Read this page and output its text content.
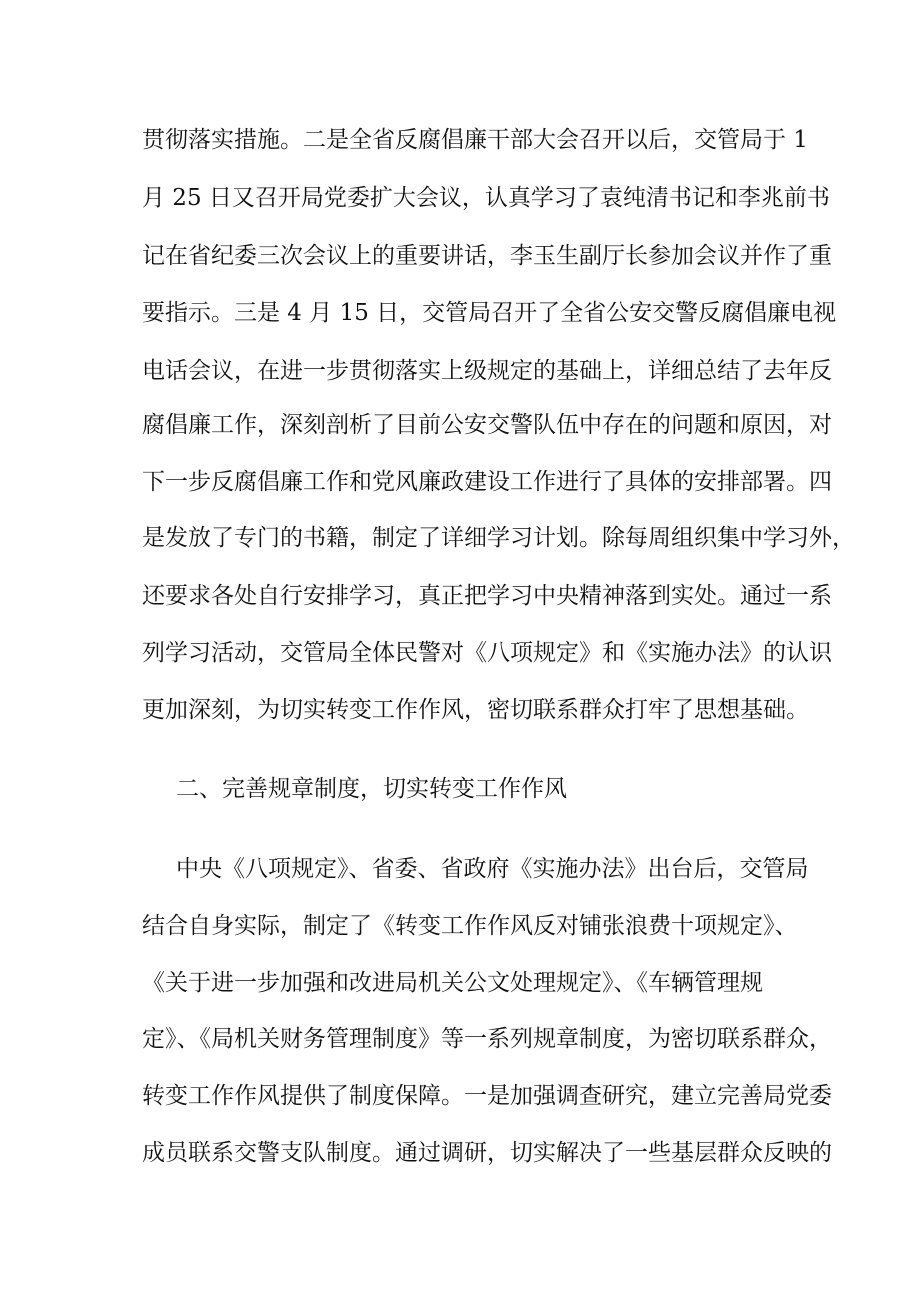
贯彻落实措施。二是全省反腐倡廉干部大会召开以后，交管局于 1
月 25 日又召开局党委扩大会议，认真学习了袁纯清书记和李兆前书
记在省纪委三次会议上的重要讲话，李玉生副厅长参加会议并作了重
要指示。三是 4 月 15 日，交管局召开了全省公安交警反腐倡廉电视
电话会议，在进一步贯彻落实上级规定的基础上，详细总结了去年反
腐倡廉工作，深刻剖析了目前公安交警队伍中存在的问题和原因，对
下一步反腐倡廉工作和党风廉政建设工作进行了具体的安排部署。四
是发放了专门的书籍，制定了详细学习计划。除每周组织集中学习外，
还要求各处自行安排学习，真正把学习中央精神落到实处。通过一系
列学习活动，交管局全体民警对《八项规定》和《实施办法》的认识
更加深刻，为切实转变工作作风，密切联系群众打牢了思想基础。
二、完善规章制度，切实转变工作作风
中央《八项规定》、省委、省政府《实施办法》出台后，交管局
结合自身实际，制定了《转变工作作风反对铺张浪费十项规定》、
《关于进一步加强和改进局机关公文处理规定》、《车辆管理规
定》、《局机关财务管理制度》等一系列规章制度，为密切联系群众，
转变工作作风提供了制度保障。一是加强调查研究，建立完善局党委
成员联系交警支队制度。通过调研，切实解决了一些基层群众反映的
